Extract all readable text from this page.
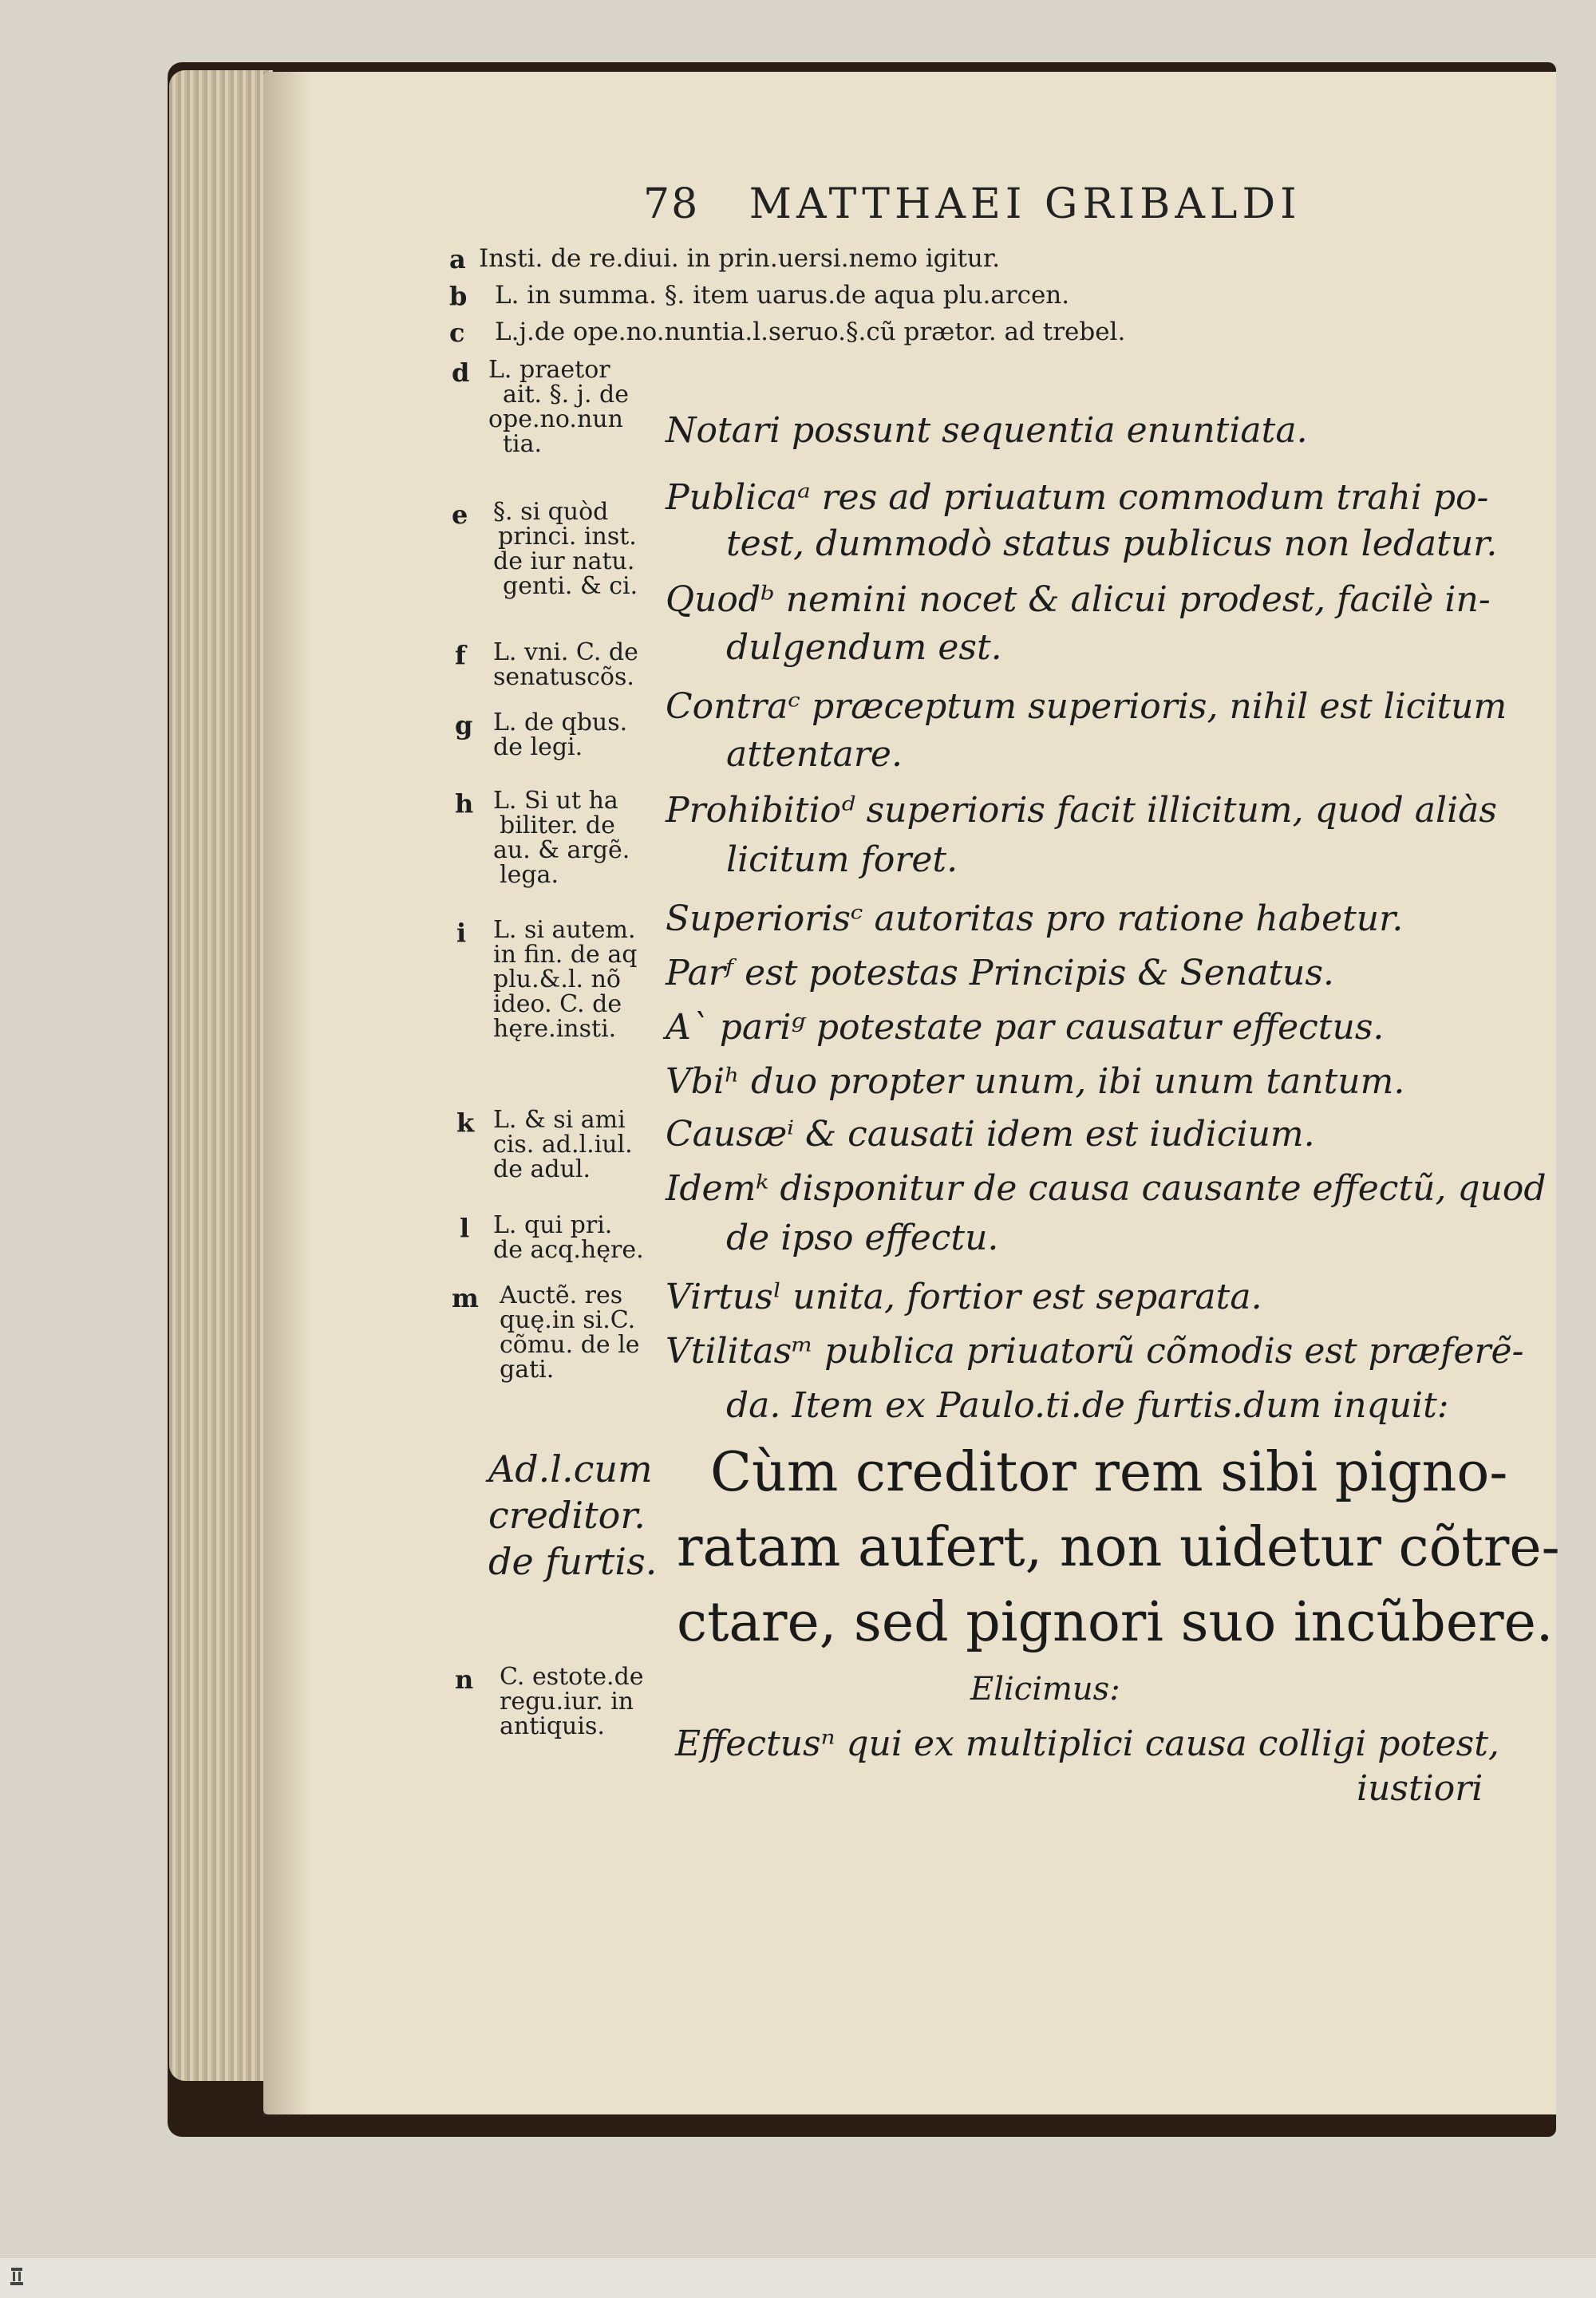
78 MATTHAEI GRIBALDI
a Insti. de re.diui. in prin.uersi.nemo igitur.
b L. in summa. §. item uarus.de aqua plu.arcen.
c L.j.de ope.no.nuntia.l.seruo.§.cũ prætor. ad trebel.
d L. praetor
ait. §. j. de
ope.no.nun
tia.
e §. si quòd
princi. inst.
de iur natu.
genti. & ci.
f L. vni. C. de
senatuscõs.
g L. de qbus.
de legi.
h L. Si ut ha
biliter. de
au. & argẽ.
lega.
i L. si autem.
in fin. de aq
plu.&.l. nõ
ideo. C. de
hęre.insti.
k L. & si ami
cis. ad.l.iul.
de adul.
l L. qui pri.
de acq.hęre.
m Auctẽ. res
quę.in si.C.
cõmu. de le
gati.
n C. estote.de
regu.iur. in
antiquis.
Notari possunt sequentia enuntiata.
Publicaᵃ res ad priuatum commodum trahi po-
test, dummodò status publicus non ledatur.
Quodᵇ nemini nocet & alicui prodest, facilè in-
dulgendum est.
Contraᶜ præceptum superioris, nihil est licitum
attentare.
Prohibitioᵈ superioris facit illicitum, quod aliàs
licitum foret.
Superiorisᶜ autoritas pro ratione habetur.
Parᶠ est potestas Principis & Senatus.
A` pariᵍ potestate par causatur effectus.
Vbiʰ duo propter unum, ibi unum tantum.
Causæⁱ & causati idem est iudicium.
Idemᵏ disponitur de causa causante effectũ, quod
de ipso effectu.
Virtusˡ unita, fortior est separata.
Vtilitasᵐ publica priuatorũ cõmodis est præferẽ-
da. Item ex Paulo.ti.de furtis.dum inquit:
Ad.l.cum
creditor.
de furtis.
Cùm creditor rem sibi pigno-
ratam aufert, non uidetur cõtre-
ctare, sed pignori suo incũbere.
Elicimus:
Effectusⁿ qui ex multiplici causa colligi potest,
iustiori
